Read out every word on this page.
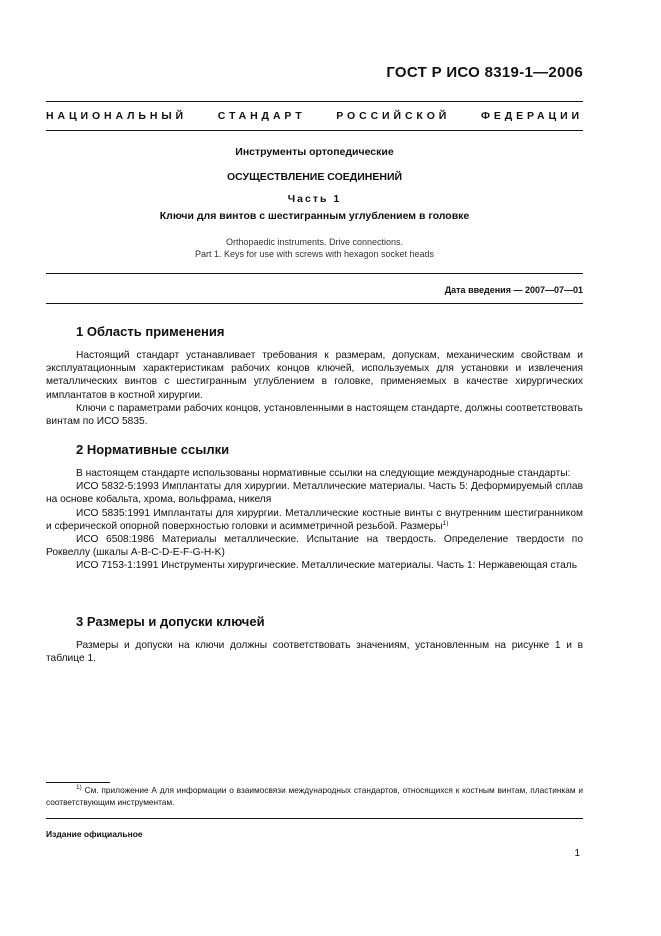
ГОСТ Р ИСО 8319-1—2006
НАЦИОНАЛЬНЫЙ СТАНДАРТ РОССИЙСКОЙ ФЕДЕРАЦИИ
Инструменты ортопедические
ОСУЩЕСТВЛЕНИЕ СОЕДИНЕНИЙ
Часть 1
Ключи для винтов с шестигранным углублением в головке
Orthopaedic instruments. Drive connections.
Part 1. Keys for use with screws with hexagon socket heads
Дата введения — 2007—07—01
1 Область применения

Настоящий стандарт устанавливает требования к размерам, допускам, механическим свойствам и эксплуатационным характеристикам рабочих концов ключей, используемых для установки и извлечения металлических винтов с шестигранным углублением в головке, применяемых в качестве хирургических имплантатов в костной хирургии.

Ключи с параметрами рабочих концов, установленными в настоящем стандарте, должны соответствовать винтам по ИСО 5835.

2 Нормативные ссылки

В настоящем стандарте использованы нормативные ссылки на следующие международные стандарты:

ИСО 5832-5:1993 Имплантаты для хирургии. Металлические материалы. Часть 5: Деформируемый сплав на основе кобальта, хрома, вольфрама, никеля

ИСО 5835:1991 Имплантаты для хирургии. Металлические костные винты с внутренним шестигранником и сферической опорной поверхностью головки и асимметричной резьбой. Размеры$^{1)}$

ИСО 6508:1986 Материалы металлические. Испытание на твердость. Определение твердости по Роквеллу (шкалы A-B-C-D-E-F-G-H-K)

ИСО 7153-1:1991 Инструменты хирургические. Металлические материалы. Часть 1: Нержавеющая сталь

3 Размеры и допуски ключей

Размеры и допуски на ключи должны соответствовать значениям, установленным на рисунке 1 и в таблице 1.

$^{1)}$ См. приложение А для информации о взаимосвязи международных стандартов, относящихся к костным винтам, пластинкам и соответствующим инструментам.

Издание официальное
1
